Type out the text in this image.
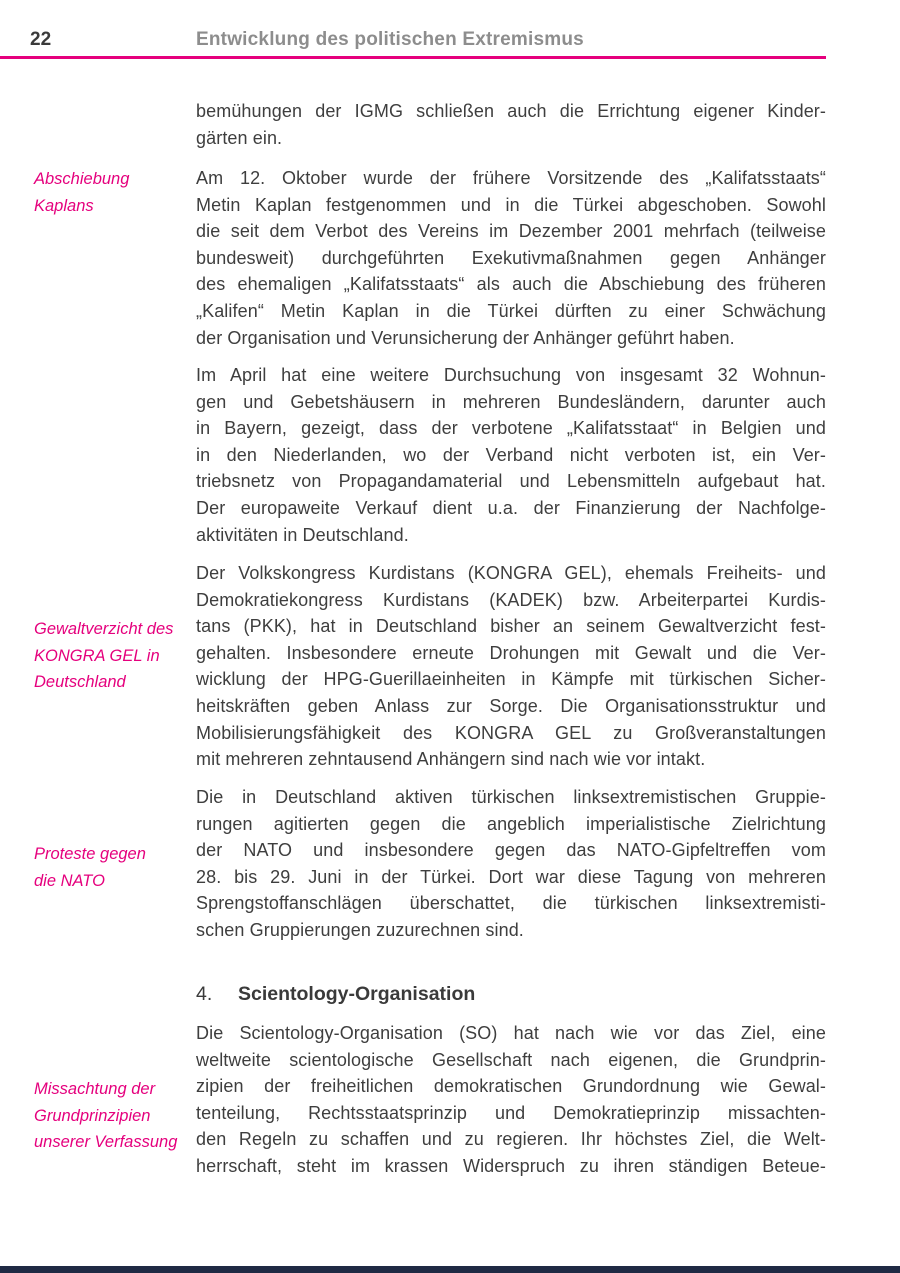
22	Entwicklung des politischen Extremismus
Abschiebung
Kaplans
Gewaltverzicht des
KONGRA GEL in
Deutschland
Proteste gegen
die NATO
Missachtung der
Grundprinzipien
unserer Verfassung
bemühungen der IGMG schließen auch die Errichtung eigener Kinder-
gärten ein.
Am 12. Oktober wurde der frühere Vorsitzende des „Kalifatsstaats“
Metin Kaplan festgenommen und in die Türkei abgeschoben. Sowohl
die seit dem Verbot des Vereins im Dezember 2001 mehrfach (teilweise
bundesweit) durchgeführten Exekutivmaßnahmen gegen Anhänger
des ehemaligen „Kalifatsstaats“ als auch die Abschiebung des früheren
„Kalifen“ Metin Kaplan in die Türkei dürften zu einer Schwächung
der Organisation und Verunsicherung der Anhänger geführt haben.
Im April hat eine weitere Durchsuchung von insgesamt 32 Wohnun-
gen und Gebetshäusern in mehreren Bundesländern, darunter auch
in Bayern, gezeigt, dass der verbotene „Kalifatsstaat“ in Belgien und
in den Niederlanden, wo der Verband nicht verboten ist, ein Ver-
triebsnetz von Propagandamaterial und Lebensmitteln aufgebaut hat.
Der europaweite Verkauf dient u.a. der Finanzierung der Nachfolge-
aktivitäten in Deutschland.
Der Volkskongress Kurdistans (KONGRA GEL), ehemals Freiheits- und
Demokratiekongress Kurdistans (KADEK) bzw. Arbeiterpartei Kurdis-
tans (PKK), hat in Deutschland bisher an seinem Gewaltverzicht fest-
gehalten. Insbesondere erneute Drohungen mit Gewalt und die Ver-
wicklung der HPG-Guerillaeinheiten in Kämpfe mit türkischen Sicher-
heitskräften geben Anlass zur Sorge. Die Organisationsstruktur und
Mobilisierungsfähigkeit des KONGRA GEL zu Großveranstaltungen
mit mehreren zehntausend Anhängern sind nach wie vor intakt.
Die in Deutschland aktiven türkischen linksextremistischen Gruppie-
rungen agitierten gegen die angeblich imperialistische Zielrichtung
der NATO und insbesondere gegen das NATO-Gipfeltreffen vom
28. bis 29. Juni in der Türkei. Dort war diese Tagung von mehreren
Sprengstoffanschlägen überschattet, die türkischen linksextremisti-
schen Gruppierungen zuzurechnen sind.
4. Scientology-Organisation
Die Scientology-Organisation (SO) hat nach wie vor das Ziel, eine
weltweite scientologische Gesellschaft nach eigenen, die Grundprin-
zipien der freiheitlichen demokratischen Grundordnung wie Gewal-
tenteilung, Rechtsstaatsprinzip und Demokratieprinzip missachten-
den Regeln zu schaffen und zu regieren. Ihr höchstes Ziel, die Welt-
herrschaft, steht im krassen Widerspruch zu ihren ständigen Beteue-
